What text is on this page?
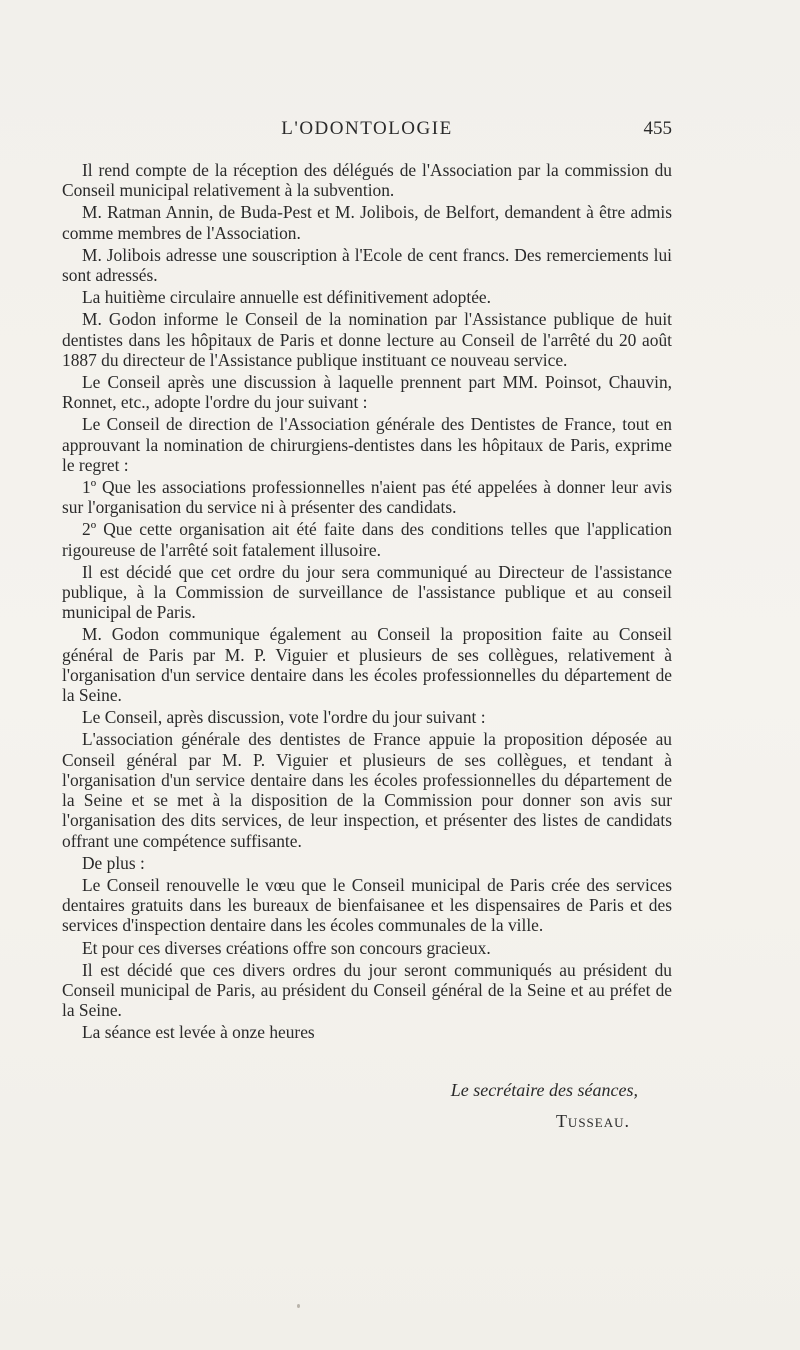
L'ODONTOLOGIE	455

Il rend compte de la réception des délégués de l'Association par la commission du Conseil municipal relativement à la subvention.

M. Ratman Annin, de Buda-Pest et M. Jolibois, de Belfort, demandent à être admis comme membres de l'Association.

M. Jolibois adresse une souscription à l'Ecole de cent francs. Des remerciements lui sont adressés.

La huitième circulaire annuelle est définitivement adoptée.

M. Godon informe le Conseil de la nomination par l'Assistance publique de huit dentistes dans les hôpitaux de Paris et donne lecture au Conseil de l'arrêté du 20 août 1887 du directeur de l'Assistance publique instituant ce nouveau service.

Le Conseil après une discussion à laquelle prennent part MM. Poinsot, Chauvin, Ronnet, etc., adopte l'ordre du jour suivant :

Le Conseil de direction de l'Association générale des Dentistes de France, tout en approuvant la nomination de chirurgiens-dentistes dans les hôpitaux de Paris, exprime le regret :

1º Que les associations professionnelles n'aient pas été appelées à donner leur avis sur l'organisation du service ni à présenter des candidats.

2º Que cette organisation ait été faite dans des conditions telles que l'application rigoureuse de l'arrêté soit fatalement illusoire.

Il est décidé que cet ordre du jour sera communiqué au Directeur de l'assistance publique, à la Commission de surveillance de l'assistance publique et au conseil municipal de Paris.

M. Godon communique également au Conseil la proposition faite au Conseil général de Paris par M. P. Viguier et plusieurs de ses collègues, relativement à l'organisation d'un service dentaire dans les écoles professionnelles du département de la Seine.

Le Conseil, après discussion, vote l'ordre du jour suivant :

L'association générale des dentistes de France appuie la proposition déposée au Conseil général par M. P. Viguier et plusieurs de ses collègues, et tendant à l'organisation d'un service dentaire dans les écoles professionnelles du département de la Seine et se met à la disposition de la Commission pour donner son avis sur l'organisation des dits services, de leur inspection, et présenter des listes de candidats offrant une compétence suffisante.

De plus :

Le Conseil renouvelle le vœu que le Conseil municipal de Paris crée des services dentaires gratuits dans les bureaux de bienfaisanee et les dispensaires de Paris et des services d'inspection dentaire dans les écoles communales de la ville.

Et pour ces diverses créations offre son concours gracieux.

Il est décidé que ces divers ordres du jour seront communiqués au président du Conseil municipal de Paris, au président du Conseil général de la Seine et au préfet de la Seine.

La séance est levée à onze heures

Le secrétaire des séances,
Tusseau.
